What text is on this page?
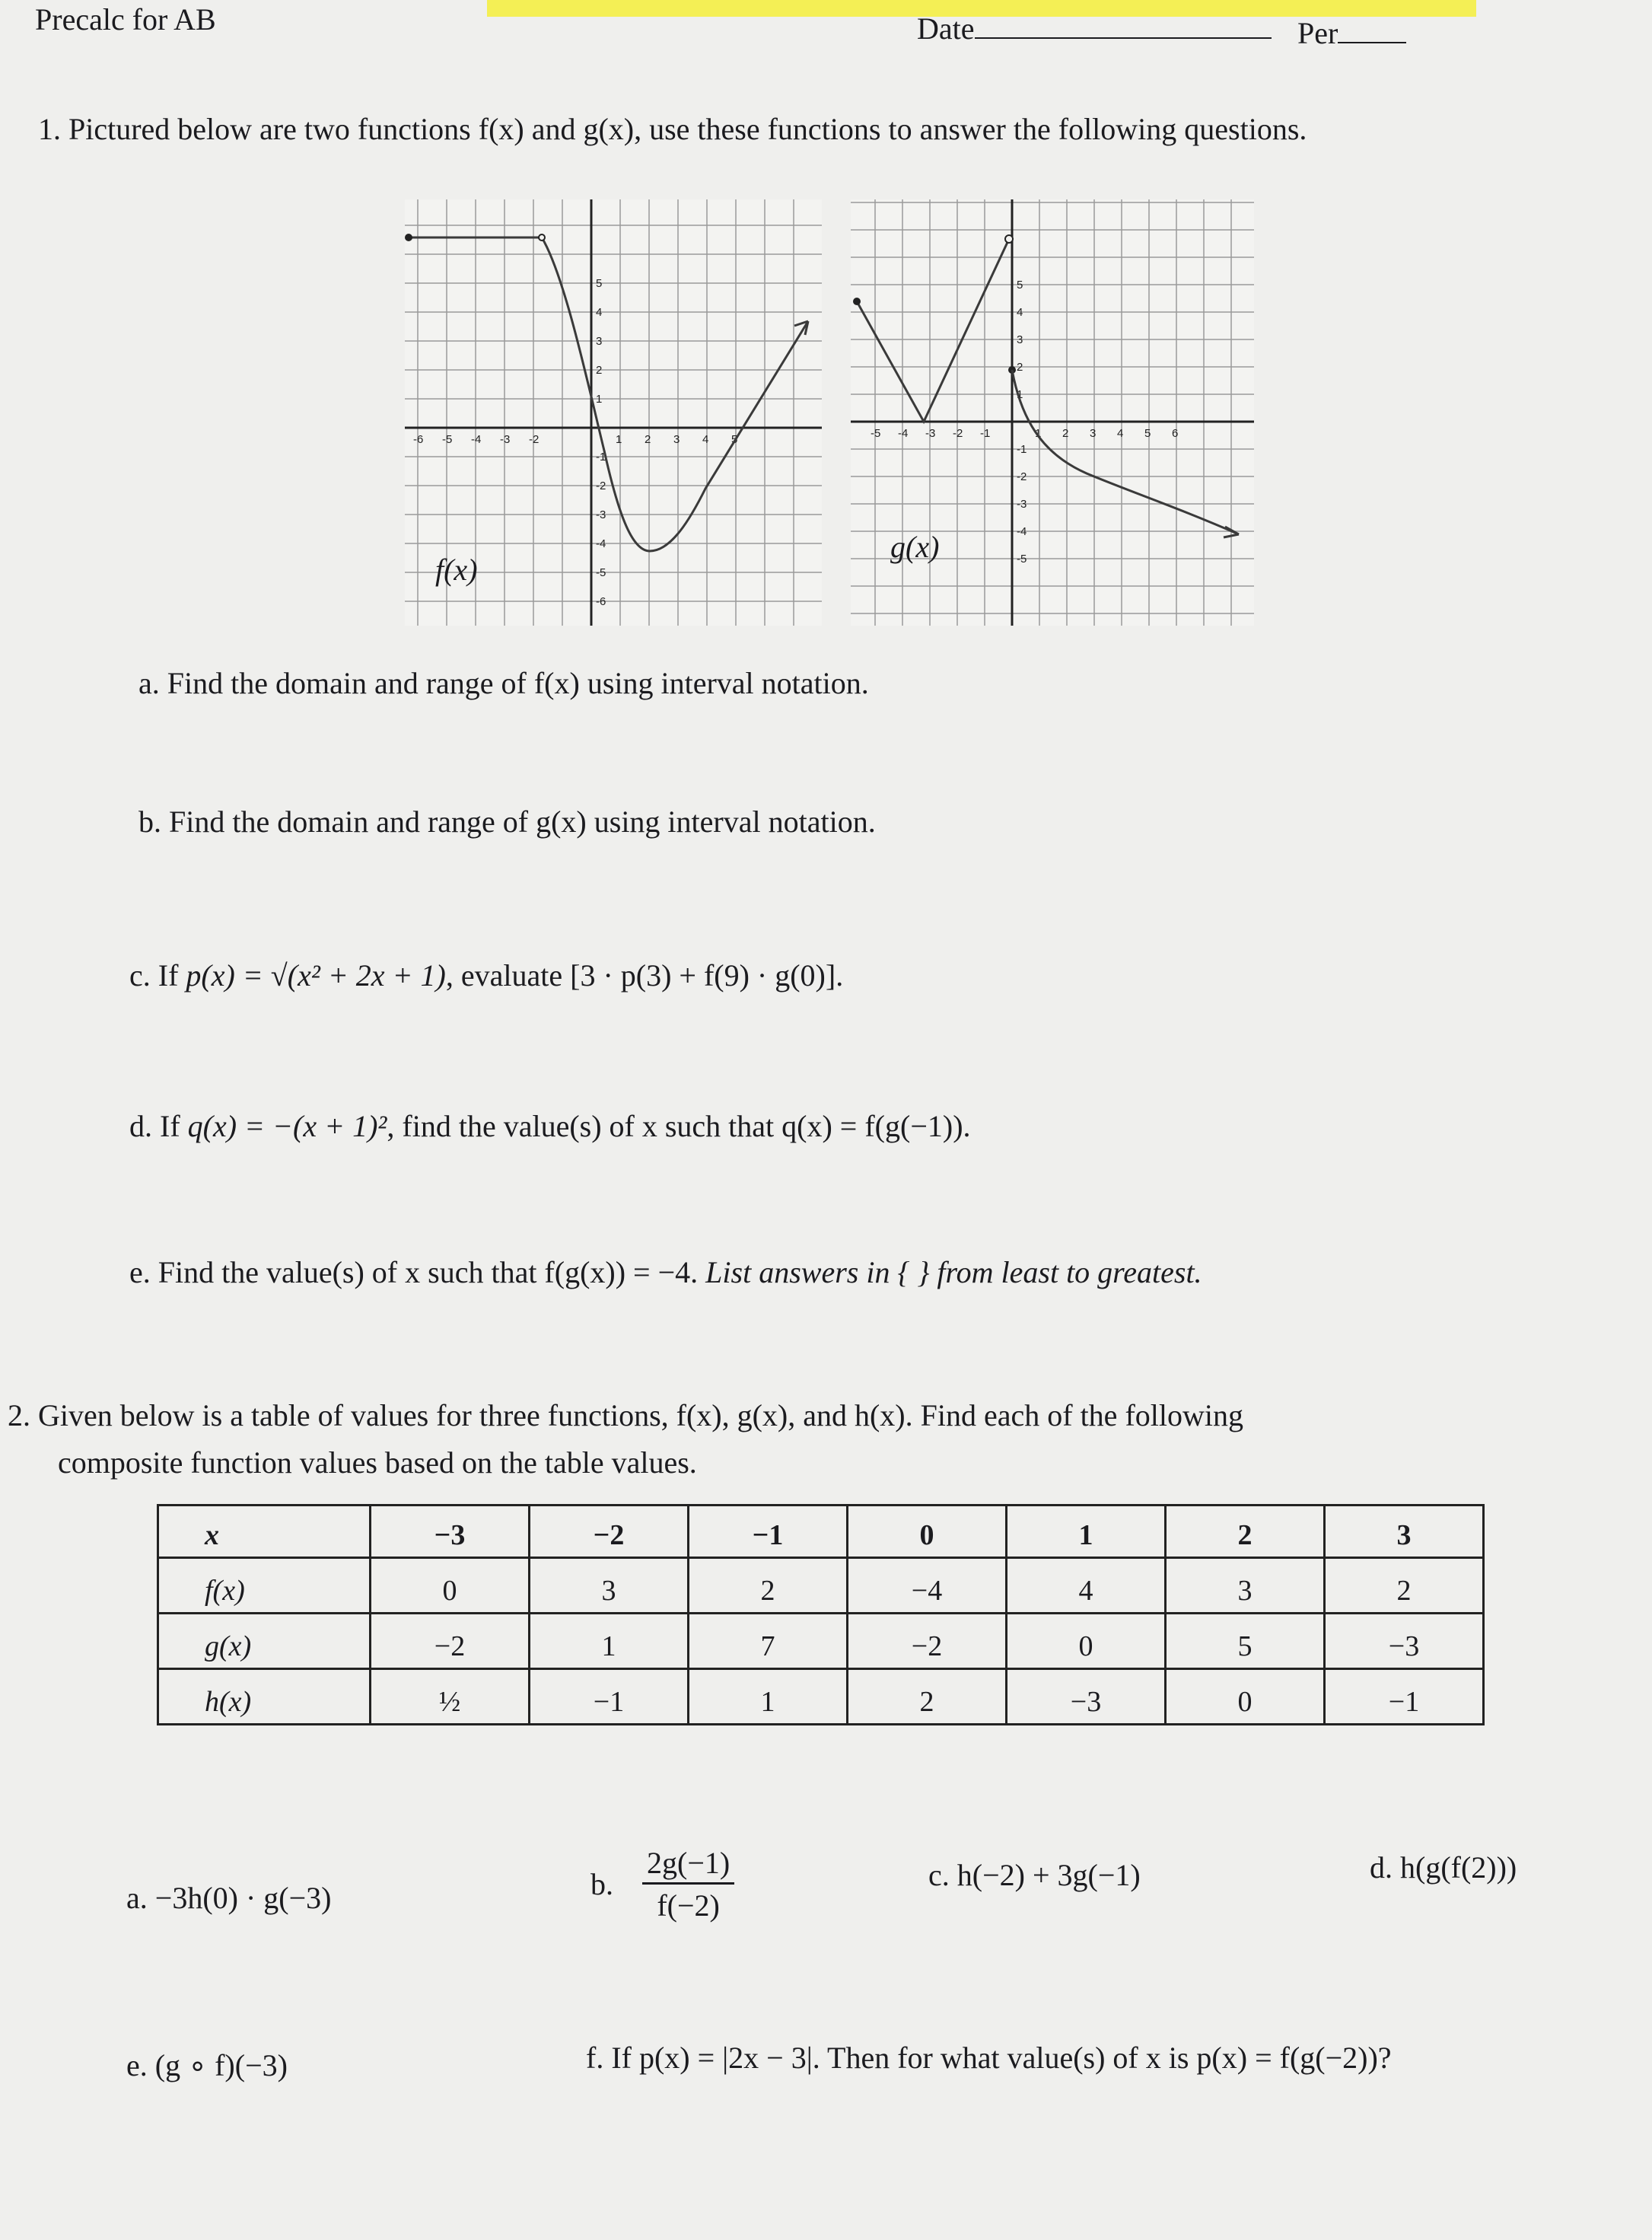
Precalc for AB	Date	Per
1. Pictured below are two functions f(x) and g(x), use these functions to answer the following questions.
-6 -5 -4 -3 -2	1 2 3 4 5
5
4
3
2
1
-1
-2
-3
-4
-5
-6
f(x)
-5 -4 -3 -2 -1	1 2 3 4 5 6
5
4
3
2
1
-1
-2
-3
-4
-5
g(x)
a. Find the domain and range of f(x) using interval notation.
b. Find the domain and range of g(x) using interval notation.
c. If p(x) = √(x² + 2x + 1), evaluate [3 · p(3) + f(9) · g(0)].
d. If q(x) = −(x + 1)², find the value(s) of x such that q(x) = f(g(−1)).
e. Find the value(s) of x such that f(g(x)) = −4. List answers in { } from least to greatest.
2. Given below is a table of values for three functions, f(x), g(x), and h(x). Find each of the following
composite function values based on the table values.
x	−3	−2	−1	0	1	2	3
f(x)	0	3	2	−4	4	3	2
g(x)	−2	1	7	−2	0	5	−3
h(x)	½	−1	1	2	−3	0	−1
a. −3h(0) · g(−3)	b. $\frac{2g(-1)}{f(-2)}$	c. h(−2) + 3g(−1)	d. h(g(f(2)))
e. (g ∘ f)(−3)	f. If p(x) = |2x − 3|. Then for what value(s) of x is p(x) = f(g(−2))?
